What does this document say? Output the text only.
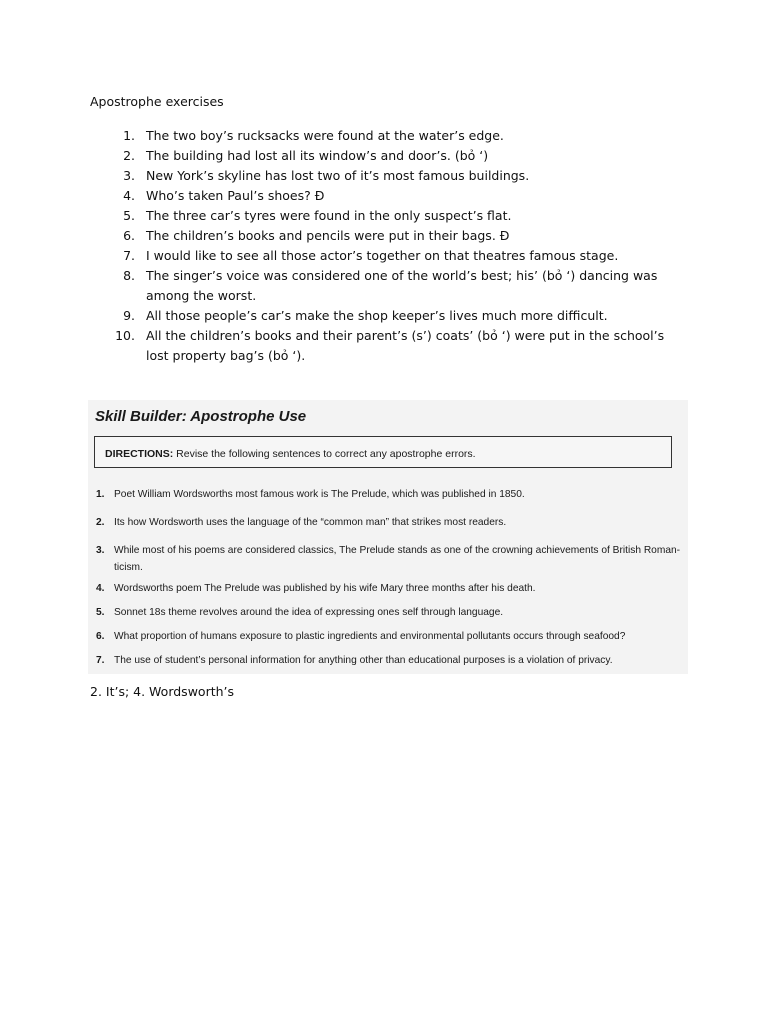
Apostrophe exercises
1. The two boy’s rucksacks were found at the water’s edge.
2. The building had lost all its window’s and door’s. (bỏ ‘)
3. New York’s skyline has lost two of it’s most famous buildings.
4. Who’s taken Paul’s shoes? Đ
5. The three car’s tyres were found in the only suspect’s flat.
6. The children’s books and pencils were put in their bags. Đ
7. I would like to see all those actor’s together on that theatres famous stage.
8. The singer’s voice was considered one of the world’s best; his’ (bỏ ‘) dancing was among the worst.
9. All those people’s car’s make the shop keeper’s lives much more difficult.
10. All the children’s books and their parent’s (s’) coats’ (bỏ ‘) were put in the school’s lost property bag’s (bỏ ‘).
Skill Builder: Apostrophe Use
DIRECTIONS: Revise the following sentences to correct any apostrophe errors.
1. Poet William Wordsworths most famous work is The Prelude, which was published in 1850.
2. Its how Wordsworth uses the language of the “common man” that strikes most readers.
3. While most of his poems are considered classics, The Prelude stands as one of the crowning achievements of British Roman-
ticism.
4. Wordsworths poem The Prelude was published by his wife Mary three months after his death.
5. Sonnet 18s theme revolves around the idea of expressing ones self through language.
6. What proportion of humans exposure to plastic ingredients and environmental pollutants occurs through seafood?
7. The use of student’s personal information for anything other than educational purposes is a violation of privacy.
2. It’s; 4. Wordsworth’s
